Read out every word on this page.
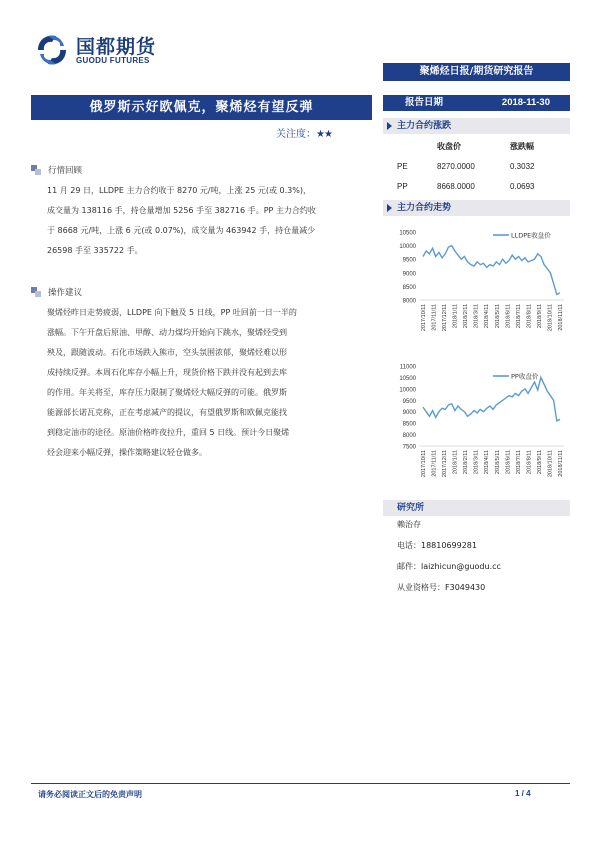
国都期货
GUODU FUTURES
聚烯烃日报/期货研究报告
俄罗斯示好欧佩克，聚烯烃有望反弹
关注度：★★
报告日期	2018-11-30
行情回顾
11 月 29 日，LLDPE 主力合约收于 8270 元/吨，上涨 25 元(或 0.3%)，
成交量为 138116 手，持仓量增加 5256 手至 382716 手。PP 主力合约收
于 8668 元/吨，上涨 6 元(或 0.07%)，成交量为 463942 手，持仓量减少
26598 手至 335722 手。
操作建议
聚烯烃昨日走势疲弱，LLDPE 向下触及 5 日线，PP 吐回前一日一半的
涨幅。下午开盘后原油、甲醇、动力煤均开始向下跳水，聚烯烃受到
殃及，跟随波动。石化市场跌入熊市，空头氛围浓郁，聚烯烃难以形
成持续反弹。本周石化库存小幅上升，现货价格下跌并没有起到去库
的作用。年关将至，库存压力限制了聚烯烃大幅反弹的可能。俄罗斯
能源部长诺瓦克称，正在考虑减产的提议，有望俄罗斯和欧佩克能找
到稳定油市的途径。原油价格昨夜拉升，重回 5 日线。预计今日聚烯
烃会迎来小幅反弹，操作策略建议轻仓做多。
主力合约涨跌
收盘价	涨跌幅
PE	8270.0000	0.3032
PP	8668.0000	0.0693
主力合约走势
10500
10000
9500
9000
8500
8000
2017/10/11 2017/11/11 2017/12/11 2018/1/11 2018/2/11 2018/3/11 2018/4/11 2018/5/11 2018/6/11 2018/7/11 2018/8/11 2018/9/11 2018/10/11 2018/11/11
LLDPE收盘价
11000
10500
10000
9500
9000
8500
8000
7500
2017/10/11 2017/11/11 2017/12/11 2018/1/11 2018/2/11 2018/3/11 2018/4/11 2018/5/11 2018/6/11 2018/7/11 2018/8/11 2018/9/11 2018/10/11 2018/11/11
PP收盘价
研究所
赖治存
电话：18810699281
邮件：laizhicun@guodu.cc
从业资格号：F3049430
请务必阅读正文后的免责声明	1 / 4
